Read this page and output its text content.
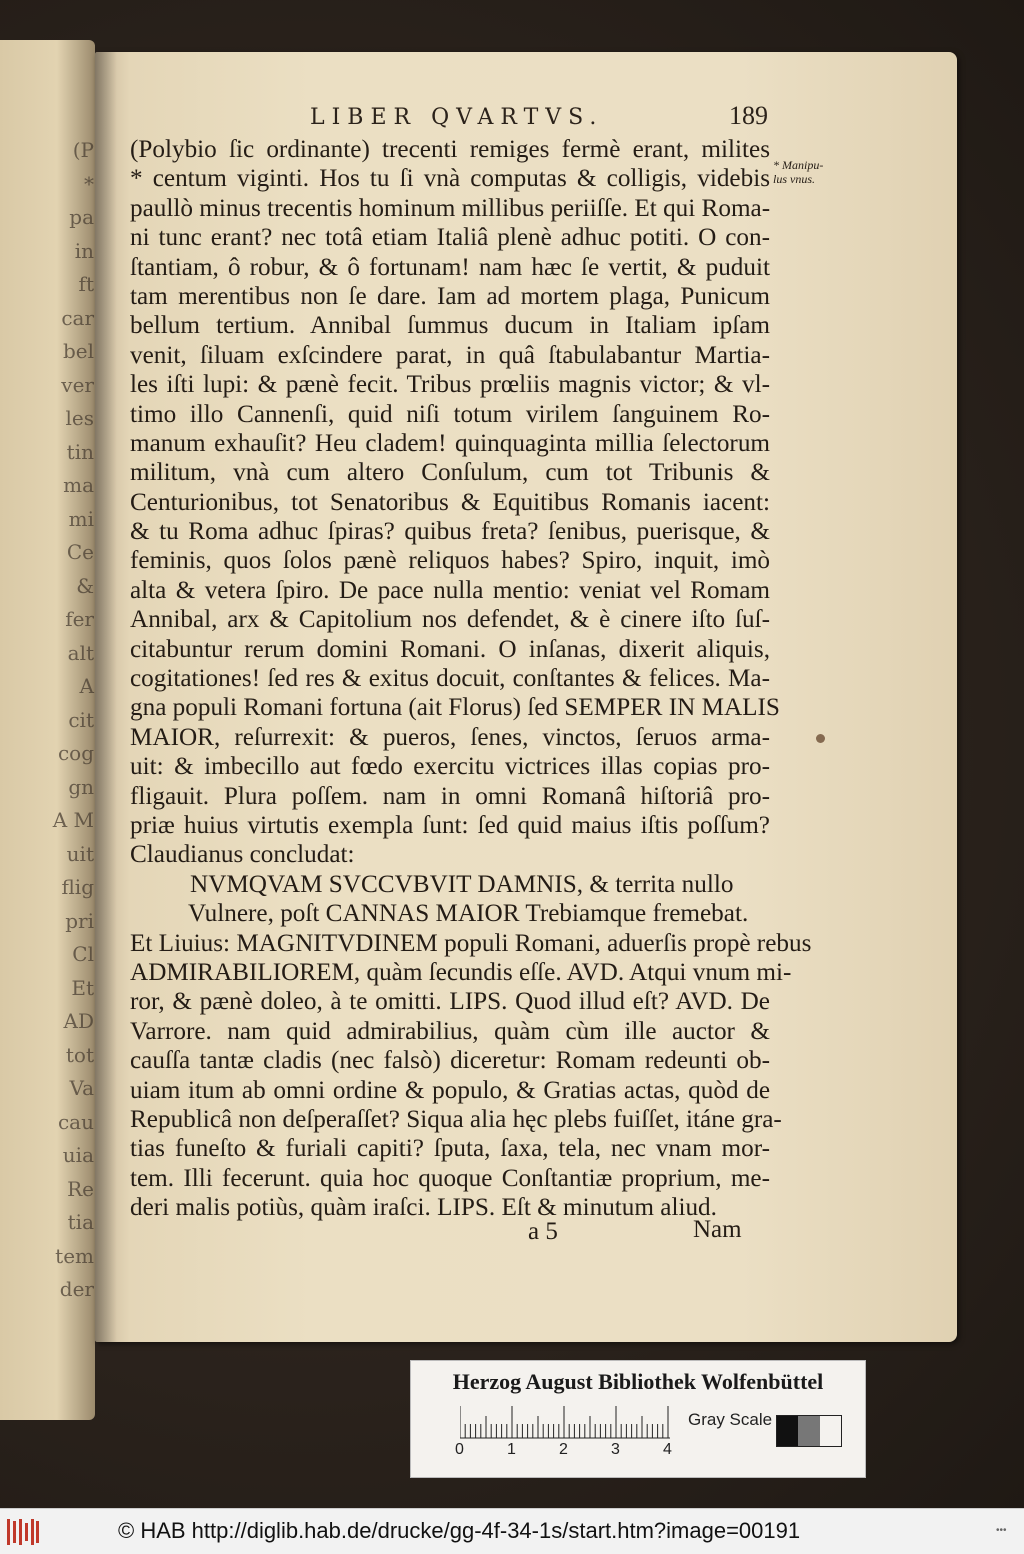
(P
*
pa
in
ft
car
bel
ver
les
tin
ma
mi
Ce
&
fer
alt
A
cit
cog
gn
A M
uit
flig
pri
Cl
Et
AD
tot
Va
cau
uia
Re
tia
tem
der
LIBER QVARTVS.	189
* Manipu-
lus vnus.
(Polybio ſic ordinante) trecenti remiges fermè erant, milites
* centum viginti. Hos tu ſi vnà computas & colligis, videbis
paullò minus trecentis hominum millibus periiſſe. Et qui Roma-
ni tunc erant? nec totâ etiam Italiâ plenè adhuc potiti. O con-
ſtantiam, ô robur, & ô fortunam! nam hæc ſe vertit, & puduit
tam merentibus non ſe dare. Iam ad mortem plaga, Punicum
bellum tertium. Annibal ſummus ducum in Italiam ipſam
venit, ſiluam exſcindere parat, in quâ ſtabulabantur Martia-
les iſti lupi: & pænè fecit. Tribus prœliis magnis victor; & vl-
timo illo Cannenſi, quid niſi totum virilem ſanguinem Ro-
manum exhauſit? Heu cladem! quinquaginta millia ſelectorum
militum, vnà cum altero Conſulum, cum tot Tribunis &
Centurionibus, tot Senatoribus & Equitibus Romanis iacent:
& tu Roma adhuc ſpiras? quibus freta? ſenibus, puerisque, &
feminis, quos ſolos pænè reliquos habes? Spiro, inquit, imò
alta & vetera ſpiro. De pace nulla mentio: veniat vel Romam
Annibal, arx & Capitolium nos defendet, & è cinere iſto ſuſ-
citabuntur rerum domini Romani. O inſanas, dixerit aliquis,
cogitationes! ſed res & exitus docuit, conſtantes & felices. Ma-
gna populi Romani fortuna (ait Florus) ſed SEMPER IN MALIS
MAIOR, reſurrexit: & pueros, ſenes, vinctos, ſeruos arma-
uit: & imbecillo aut fœdo exercitu victrices illas copias pro-
fligauit. Plura poſſem. nam in omni Romanâ hiſtoriâ pro-
priæ huius virtutis exempla ſunt: ſed quid maius iſtis poſſum?
Claudianus concludat:
NVMQVAM SVCCVBVIT DAMNIS, & territa nullo
Vulnere, poſt CANNAS MAIOR Trebiamque fremebat.
Et Liuius: MAGNITVDINEM populi Romani, aduerſis propè rebus
ADMIRABILIOREM, quàm ſecundis eſſe. AVD. Atqui vnum mi-
ror, & pænè doleo, à te omitti. LIPS. Quod illud eſt? AVD. De
Varrore. nam quid admirabilius, quàm cùm ille auctor &
cauſſa tantæ cladis (nec falsò) diceretur: Romam redeunti ob-
uiam itum ab omni ordine & populo, & Gratias actas, quòd de
Republicâ non deſperaſſet? Siqua alia hęc plebs fuiſſet, itáne gra-
tias funeſto & furiali capiti? ſputa, ſaxa, tela, nec vnam mor-
tem. Illi fecerunt. quia hoc quoque Conſtantiæ proprium, me-
deri malis potiùs, quàm iraſci. LIPS. Eſt & minutum aliud.
a 5	Nam
Herzog August Bibliothek Wolfenbüttel
0	1	2	3	4
Gray Scale
© HAB http://diglib.hab.de/drucke/gg-4f-34-1s/start.htm?image=00191	•••
